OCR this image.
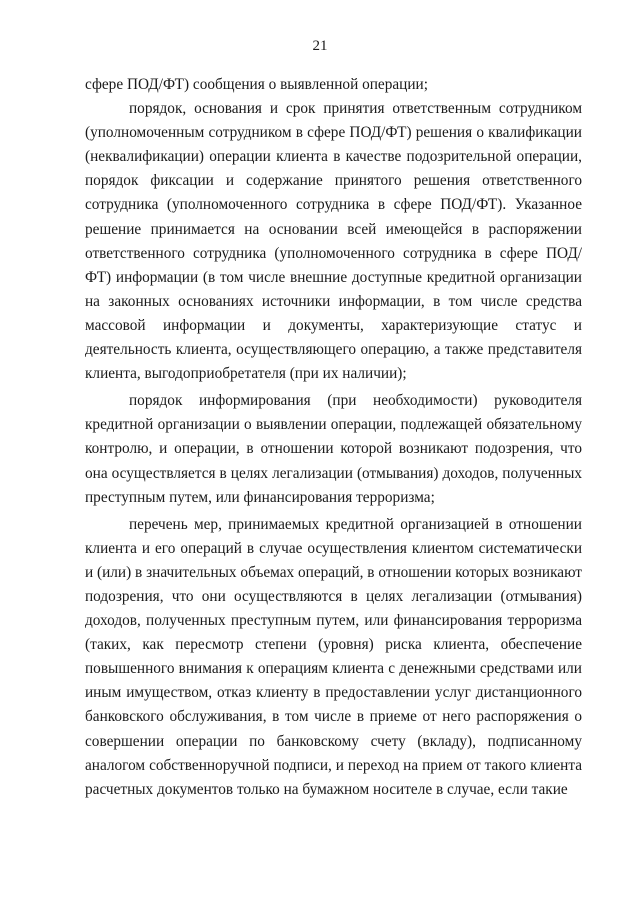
21

сфере ПОД/ФТ) сообщения о выявленной операции;

порядок, основания и срок принятия ответственным сотрудником (уполномоченным сотрудником в сфере ПОД/ФТ) решения о квалификации (неквалификации) операции клиента в качестве подозрительной операции, порядок фиксации и содержание принятого решения ответственного сотрудника (уполномоченного сотрудника в сфере ПОД/ФТ). Указанное решение принимается на основании всей имеющейся в распоряжении ответственного сотрудника (уполномоченного сотрудника в сфере ПОД/ФТ) информации (в том числе внешние доступные кредитной организации на законных основаниях источники информации, в том числе средства массовой информации и документы, характеризующие статус и деятельность клиента, осуществляющего операцию, а также представителя клиента, выгодоприобретателя (при их наличии);

порядок информирования (при необходимости) руководителя кредитной организации о выявлении операции, подлежащей обязательному контролю, и операции, в отношении которой возникают подозрения, что она осуществляется в целях легализации (отмывания) доходов, полученных преступным путем, или финансирования терроризма;

перечень мер, принимаемых кредитной организацией в отношении клиента и его операций в случае осуществления клиентом систематически и (или) в значительных объемах операций, в отношении которых возникают подозрения, что они осуществляются в целях легализации (отмывания) доходов, полученных преступным путем, или финансирования терроризма (таких, как пересмотр степени (уровня) риска клиента, обеспечение повышенного внимания к операциям клиента с денежными средствами или иным имуществом, отказ клиенту в предоставлении услуг дистанционного банковского обслуживания, в том числе в приеме от него распоряжения о совершении операции по банковскому счету (вкладу), подписанному аналогом собственноручной подписи, и переход на прием от такого клиента расчетных документов только на бумажном носителе в случае, если такие
